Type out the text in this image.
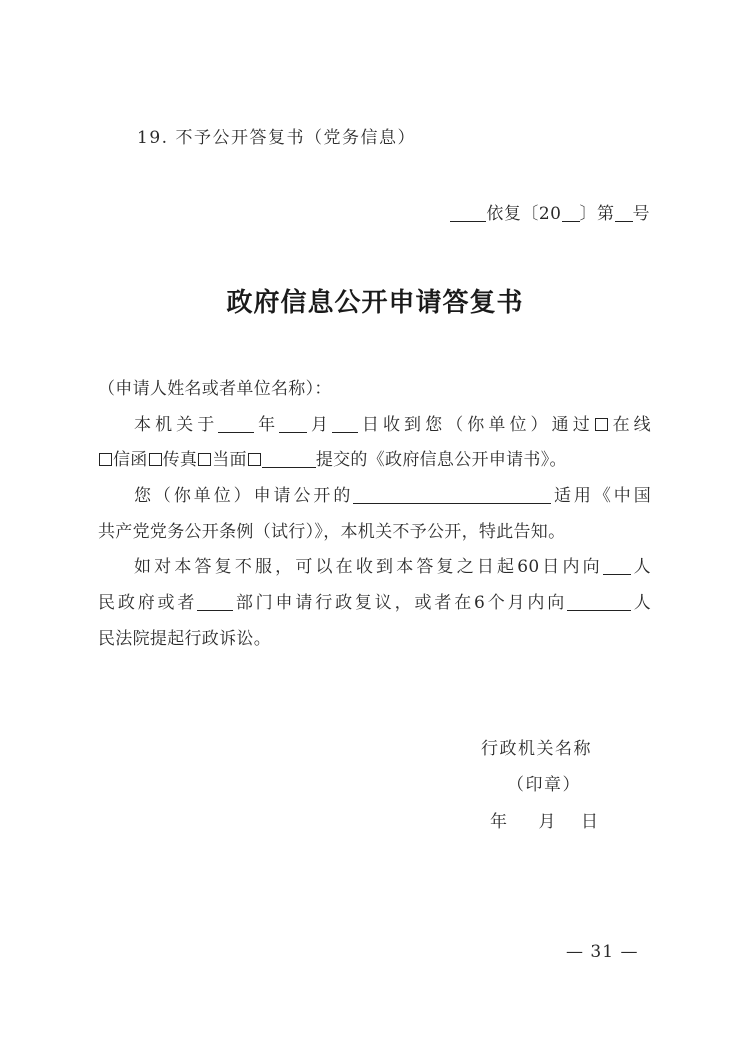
19. 不予公开答复书（党务信息）
依复〔20 〕第 号
政府信息公开申请答复书
（申请人姓名或者单位名称）：
本机关于 年 月 日收到您（你单位）通过 在线
信函 传真 当面	提交的《政府信息公开申请书》。
您（你单位）申请公开的	适用《中国
共产党党务公开条例（试行）》，本机关不予公开，特此告知。
如对本答复不服，可以在收到本答复之日起60日内向 人
民政府或者 部门申请行政复议，或者在6个月内向	人
民法院提起行政诉讼。
行政机关名称
（印章）
年 月 日
— 31 —
